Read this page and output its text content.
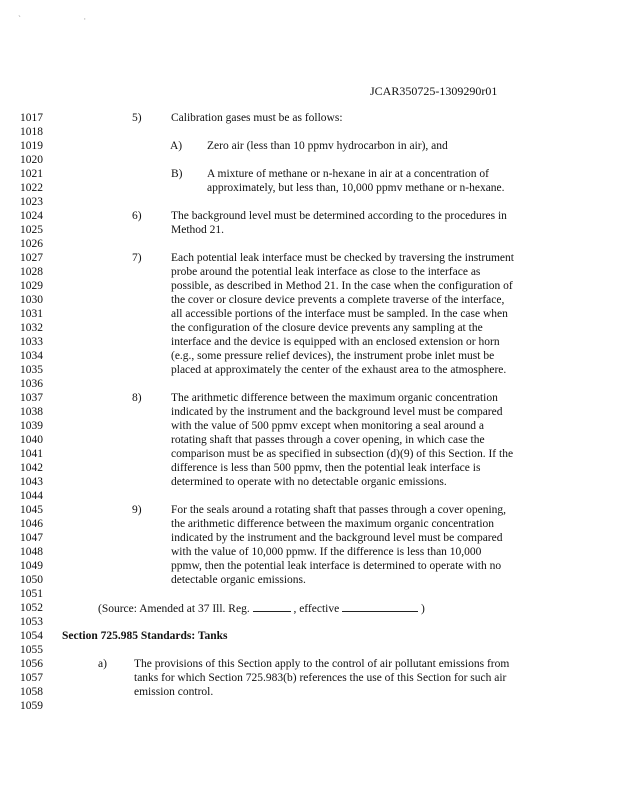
` ·
JCAR350725-1309290r01
1017
1018
1019
1020
1021
1022
1023
1024
1025
1026
1027
1028
1029
1030
1031
1032
1033
1034
1035
1036
1037
1038
1039
1040
1041
1042
1043
1044
1045
1046
1047
1048
1049
1050
1051
1052
1053
1054
1055
1056
1057
1058
1059
5)	Calibration gases must be as follows:
A) Zero air (less than 10 ppmv hydrocarbon in air), and
B) A mixture of methane or n-hexane in air at a concentration of
approximately, but less than, 10,000 ppmv methane or n-hexane.
6)	The background level must be determined according to the procedures in
Method 21.
7)	Each potential leak interface must be checked by traversing the instrument
probe around the potential leak interface as close to the interface as
possible, as described in Method 21. In the case when the configuration of
the cover or closure device prevents a complete traverse of the interface,
all accessible portions of the interface must be sampled. In the case when
the configuration of the closure device prevents any sampling at the
interface and the device is equipped with an enclosed extension or horn
(e.g., some pressure relief devices), the instrument probe inlet must be
placed at approximately the center of the exhaust area to the atmosphere.
8)	The arithmetic difference between the maximum organic concentration
indicated by the instrument and the background level must be compared
with the value of 500 ppmv except when monitoring a seal around a
rotating shaft that passes through a cover opening, in which case the
comparison must be as specified in subsection (d)(9) of this Section. If the
difference is less than 500 ppmv, then the potential leak interface is
determined to operate with no detectable organic emissions.
9)	For the seals around a rotating shaft that passes through a cover opening,
the arithmetic difference between the maximum organic concentration
indicated by the instrument and the background level must be compared
with the value of 10,000 ppmw. If the difference is less than 10,000
ppmw, then the potential leak interface is determined to operate with no
detectable organic emissions.
(Source: Amended at 37 Ill. Reg.	, effective	)
Section 725.985 Standards: Tanks
a) The provisions of this Section apply to the control of air pollutant emissions from
tanks for which Section 725.983(b) references the use of this Section for such air
emission control.
